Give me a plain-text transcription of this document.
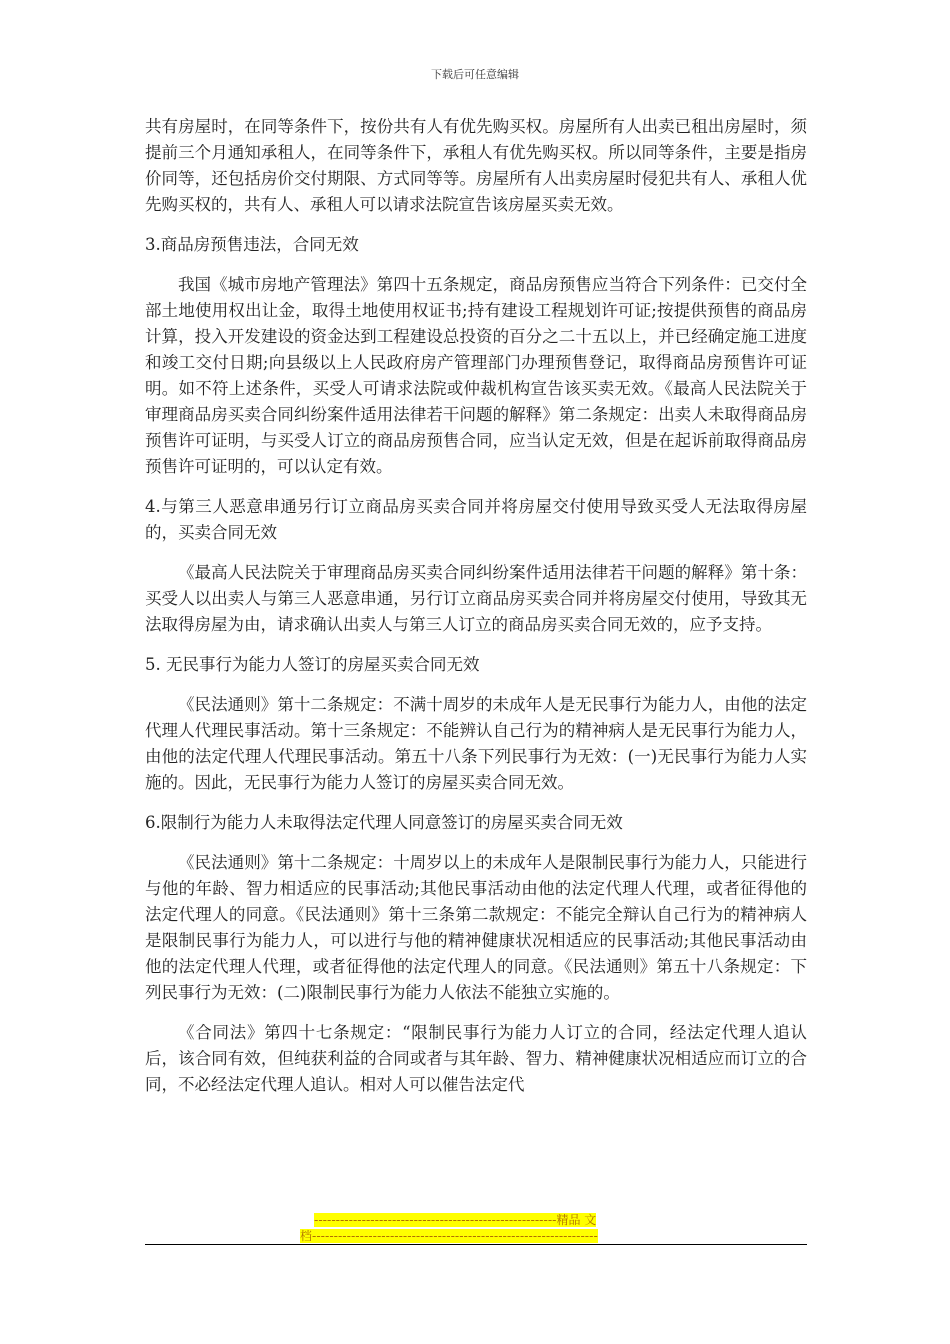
下载后可任意编辑

共有房屋时，在同等条件下，按份共有人有优先购买权。房屋所有人出卖已租出房屋时，须提前三个月通知承租人，在同等条件下，承租人有优先购买权。所以同等条件，主要是指房价同等，还包括房价交付期限、方式同等等。房屋所有人出卖房屋时侵犯共有人、承租人优先购买权的，共有人、承租人可以请求法院宣告该房屋买卖无效。

3.商品房预售违法，合同无效

我国《城市房地产管理法》第四十五条规定，商品房预售应当符合下列条件：已交付全部土地使用权出让金，取得土地使用权证书;持有建设工程规划许可证;按提供预售的商品房计算，投入开发建设的资金达到工程建设总投资的百分之二十五以上，并已经确定施工进度和竣工交付日期;向县级以上人民政府房产管理部门办理预售登记，取得商品房预售许可证明。如不符上述条件，买受人可请求法院或仲裁机构宣告该买卖无效。《最高人民法院关于审理商品房买卖合同纠纷案件适用法律若干问题的解释》第二条规定：出卖人未取得商品房预售许可证明，与买受人订立的商品房预售合同，应当认定无效，但是在起诉前取得商品房预售许可证明的，可以认定有效。

4.与第三人恶意串通另行订立商品房买卖合同并将房屋交付使用导致买受人无法取得房屋的，买卖合同无效

《最高人民法院关于审理商品房买卖合同纠纷案件适用法律若干问题的解释》第十条：买受人以出卖人与第三人恶意串通，另行订立商品房买卖合同并将房屋交付使用，导致其无法取得房屋为由，请求确认出卖人与第三人订立的商品房买卖合同无效的，应予支持。

5. 无民事行为能力人签订的房屋买卖合同无效

《民法通则》第十二条规定：不满十周岁的未成年人是无民事行为能力人，由他的法定代理人代理民事活动。第十三条规定：不能辨认自己行为的精神病人是无民事行为能力人，由他的法定代理人代理民事活动。第五十八条下列民事行为无效：(一)无民事行为能力人实施的。因此，无民事行为能力人签订的房屋买卖合同无效。

6.限制行为能力人未取得法定代理人同意签订的房屋买卖合同无效

《民法通则》第十二条规定：十周岁以上的未成年人是限制民事行为能力人，只能进行与他的年龄、智力相适应的民事活动;其他民事活动由他的法定代理人代理，或者征得他的法定代理人的同意。《民法通则》第十三条第二款规定：不能完全辩认自己行为的精神病人是限制民事行为能力人，可以进行与他的精神健康状况相适应的民事活动;其他民事活动由他的法定代理人代理，或者征得他的法定代理人的同意。《民法通则》第五十八条规定：下列民事行为无效：(二)限制民事行为能力人依法不能独立实施的。

《合同法》第四十七条规定：“限制民事行为能力人订立的合同，经法定代理人追认后，该合同有效，但纯获利益的合同或者与其年龄、智力、精神健康状况相适应而订立的合同，不必经法定代理人追认。相对人可以催告法定代

--------------------------------------------------------精品 文
档------------------------------------------------------------------
